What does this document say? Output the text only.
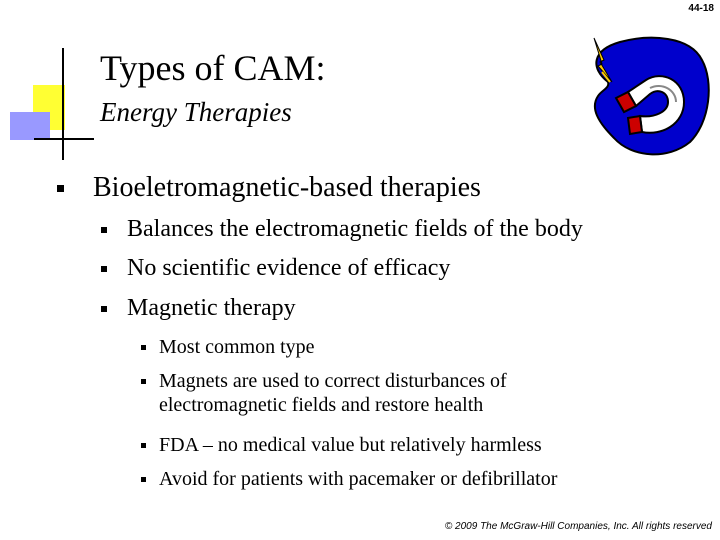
44-18
Types of CAM:
Energy Therapies
Bioeletromagnetic-based therapies
Balances the electromagnetic fields of the body
No scientific evidence of efficacy
Magnetic therapy
Most common type
Magnets are used to correct disturbances of electromagnetic fields and restore health
FDA – no medical value but relatively harmless
Avoid for patients with pacemaker or defibrillator
© 2009 The McGraw-Hill Companies, Inc. All rights reserved
